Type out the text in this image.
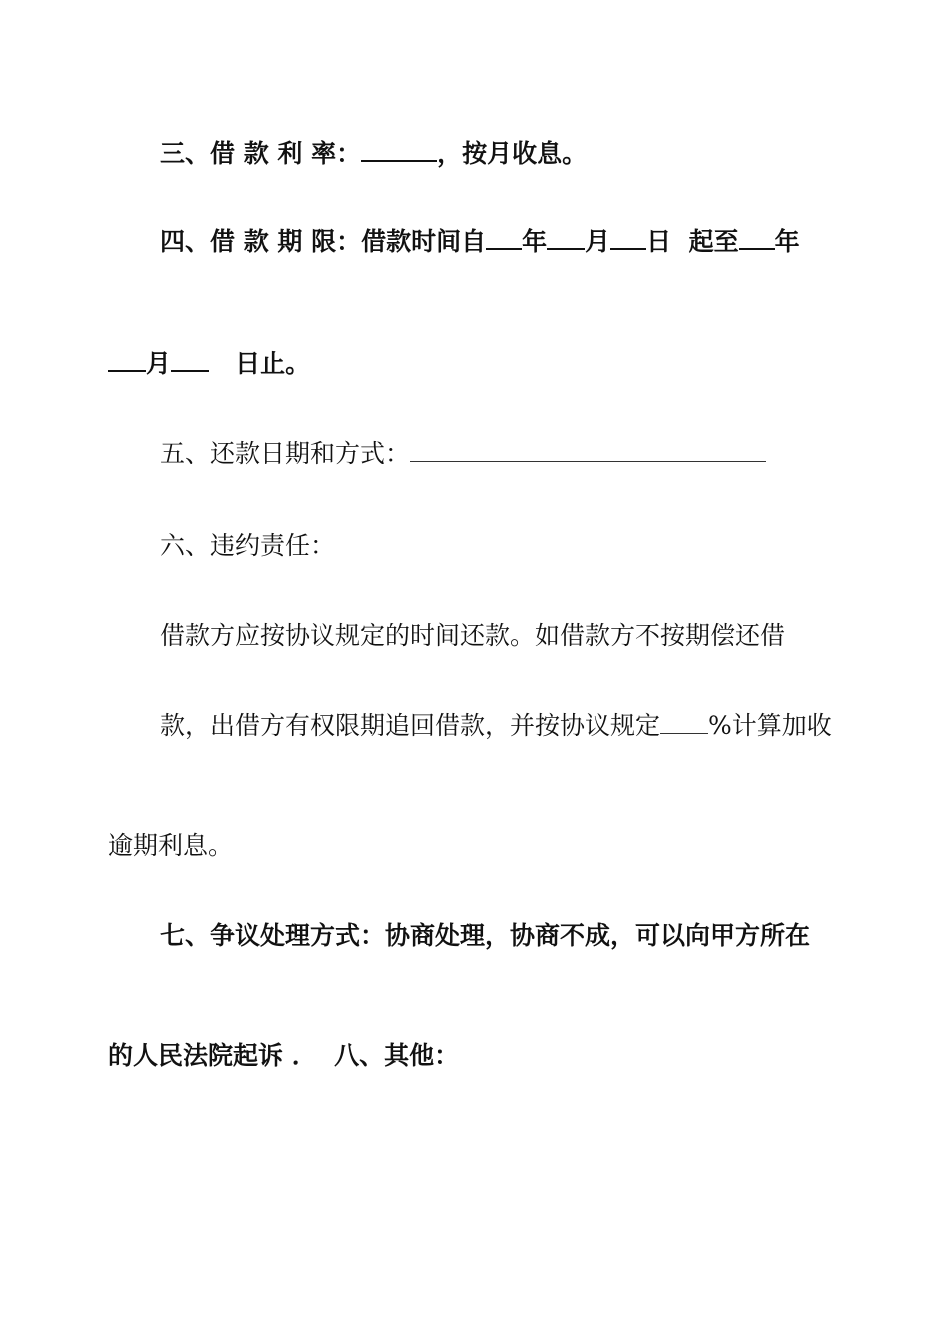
三、借 款 利 率：	，按月收息。
四、借 款 期 限：借款时间自 年 月 日 起至 年
月	日止。
五、还款日期和方式：
六、违约责任：
借款方应按协议规定的时间还款。如借款方不按期偿还借
款，出借方有权限期追回借款，并按协议规定 %计算加收
逾期利息。
七、争议处理方式：协商处理，协商不成，可以向甲方所在
的人民法院起诉 ． 八、其他：
